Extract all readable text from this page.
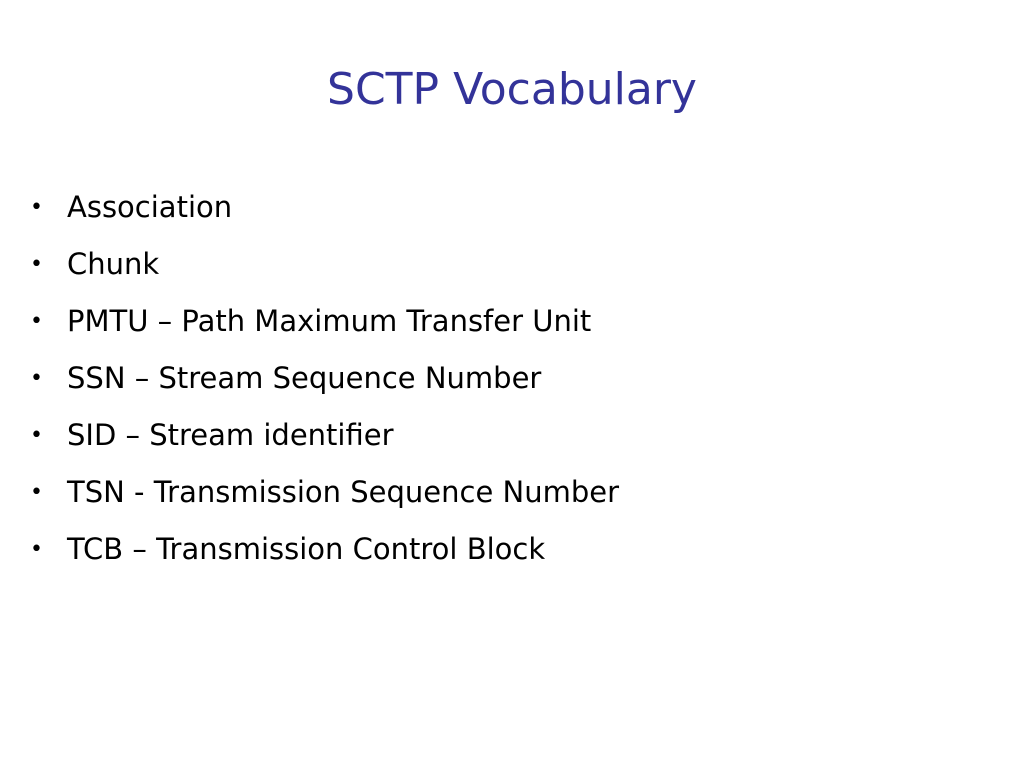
SCTP Vocabulary
• Association
• Chunk
• PMTU – Path Maximum Transfer Unit
• SSN – Stream Sequence Number
• SID – Stream identifier
• TSN - Transmission Sequence Number
• TCB – Transmission Control Block
